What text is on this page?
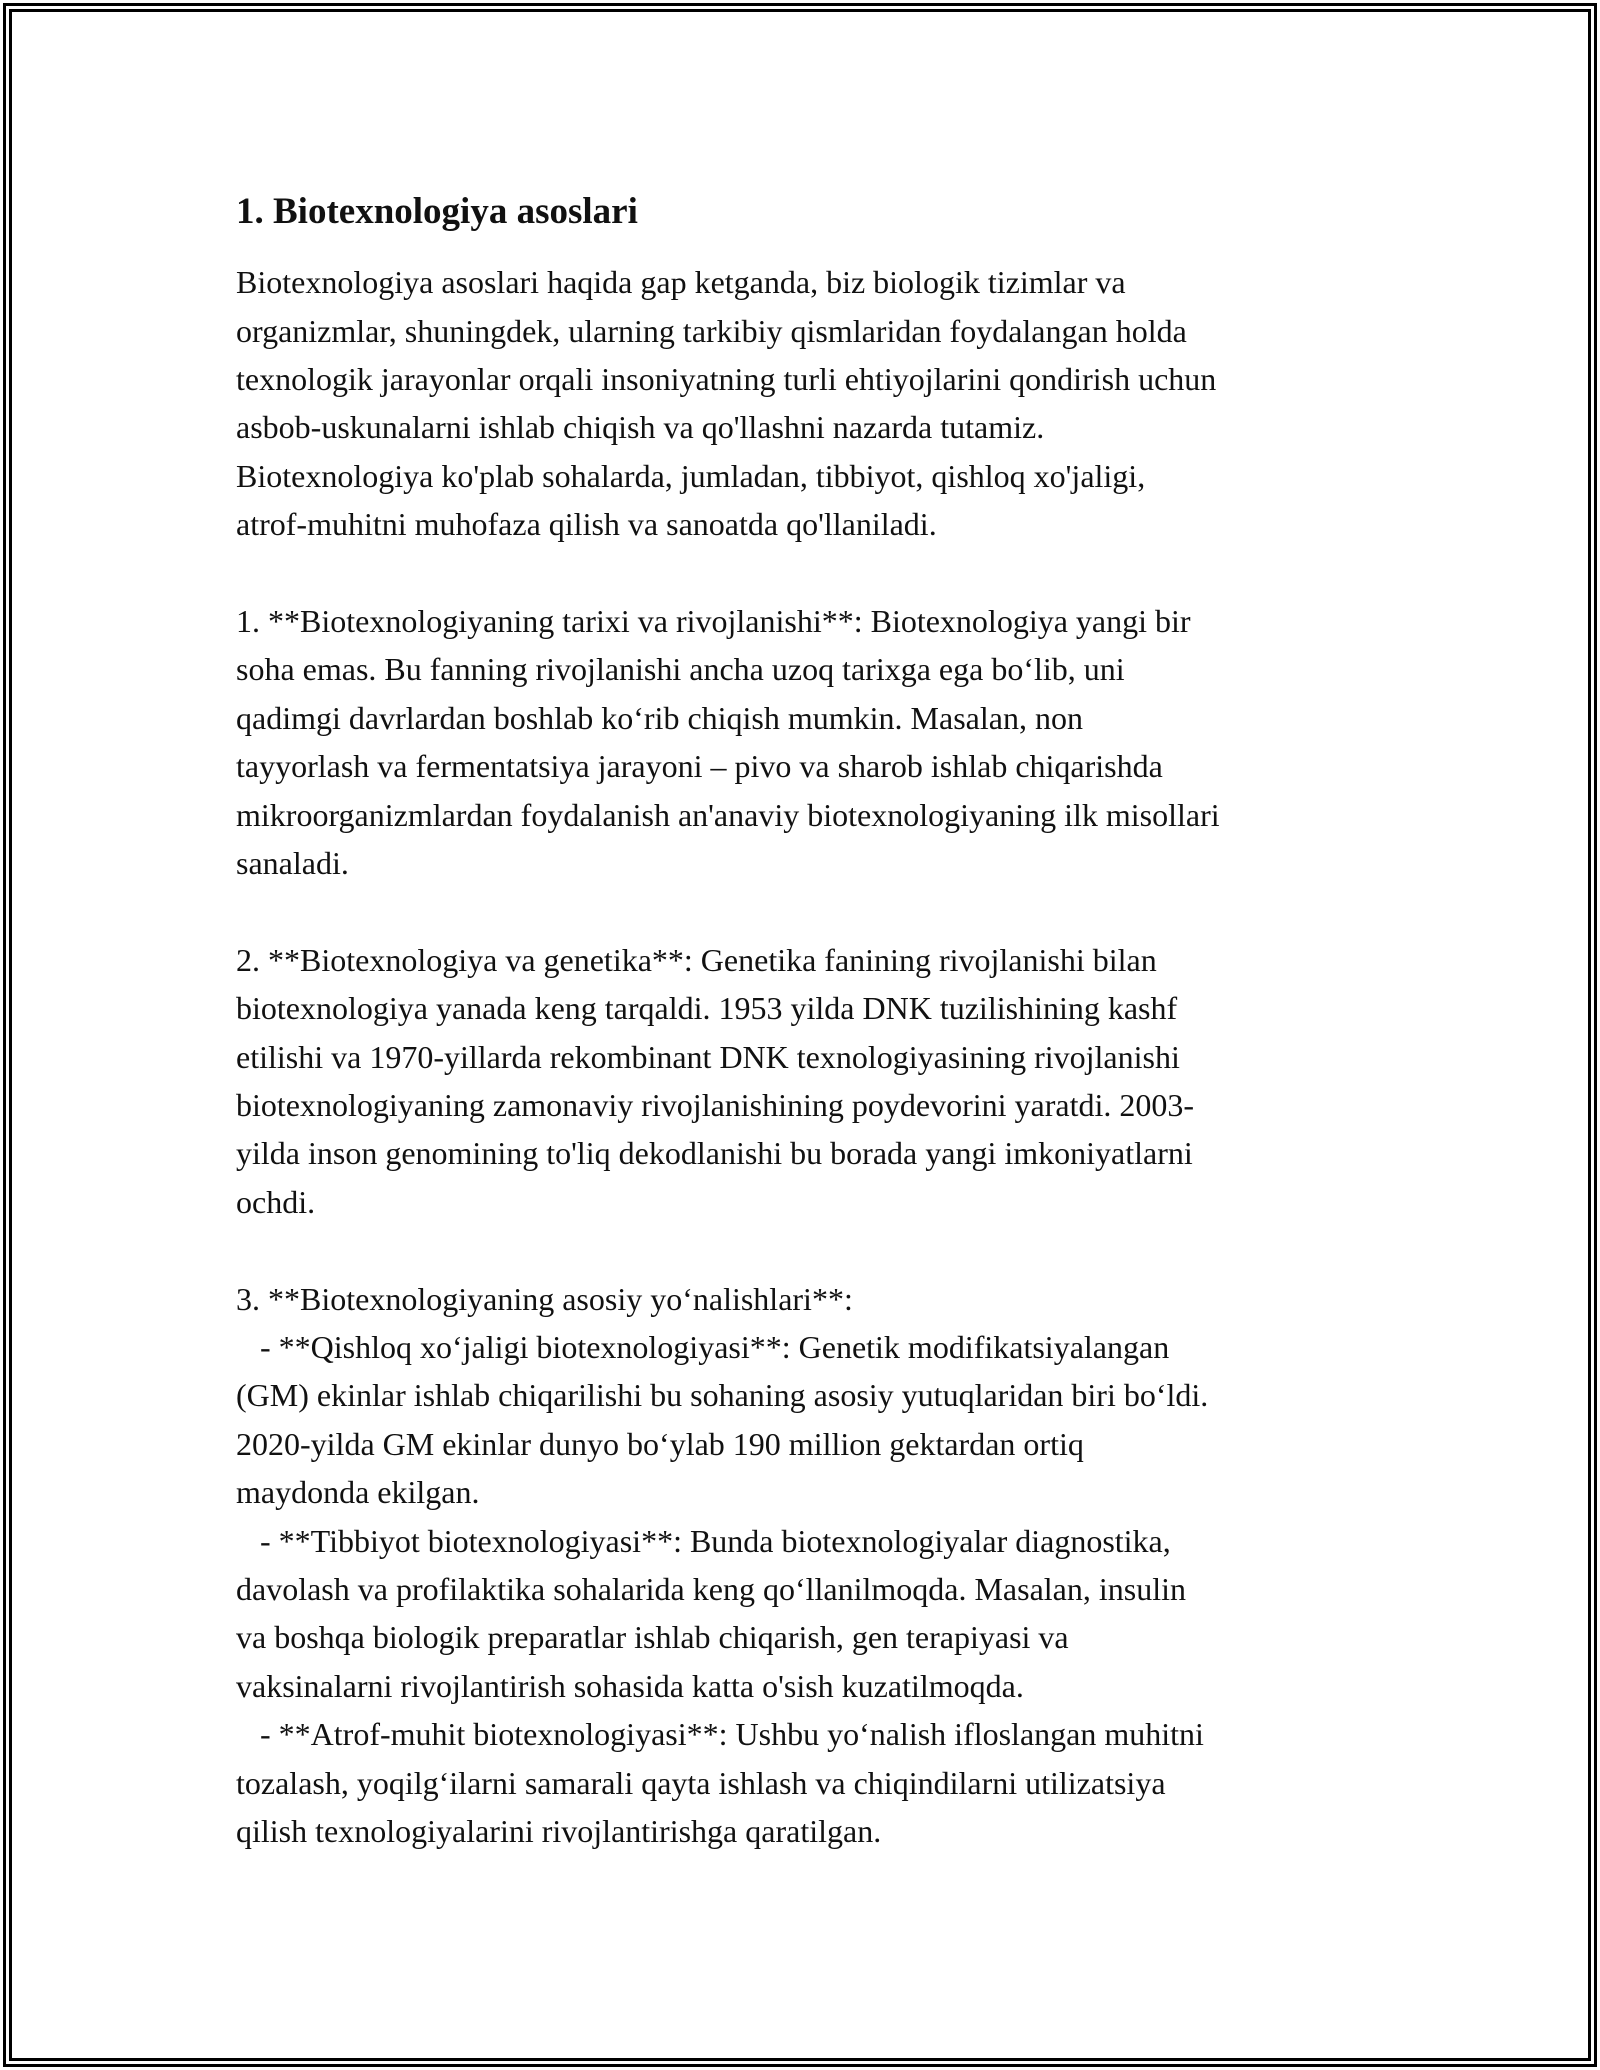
1. Biotexnologiya asoslari

Biotexnologiya asoslari haqida gap ketganda, biz biologik tizimlar va
organizmlar, shuningdek, ularning tarkibiy qismlaridan foydalangan holda
texnologik jarayonlar orqali insoniyatning turli ehtiyojlarini qondirish uchun
asbob-uskunalarni ishlab chiqish va qo'llashni nazarda tutamiz.
Biotexnologiya ko'plab sohalarda, jumladan, tibbiyot, qishloq xo'jaligi,
atrof-muhitni muhofaza qilish va sanoatda qo'llaniladi.

1. **Biotexnologiyaning tarixi va rivojlanishi**: Biotexnologiya yangi bir
soha emas. Bu fanning rivojlanishi ancha uzoq tarixga ega bo‘lib, uni
qadimgi davrlardan boshlab ko‘rib chiqish mumkin. Masalan, non
tayyorlash va fermentatsiya jarayoni – pivo va sharob ishlab chiqarishda
mikroorganizmlardan foydalanish an'anaviy biotexnologiyaning ilk misollari
sanaladi.

2. **Biotexnologiya va genetika**: Genetika fanining rivojlanishi bilan
biotexnologiya yanada keng tarqaldi. 1953 yilda DNK tuzilishining kashf
etilishi va 1970-yillarda rekombinant DNK texnologiyasining rivojlanishi
biotexnologiyaning zamonaviy rivojlanishining poydevorini yaratdi. 2003-
yilda inson genomining to'liq dekodlanishi bu borada yangi imkoniyatlarni
ochdi.

3. **Biotexnologiyaning asosiy yo‘nalishlari**:
- **Qishloq xo‘jaligi biotexnologiyasi**: Genetik modifikatsiyalangan
(GM) ekinlar ishlab chiqarilishi bu sohaning asosiy yutuqlaridan biri bo‘ldi.
2020-yilda GM ekinlar dunyo bo‘ylab 190 million gektardan ortiq
maydonda ekilgan.
- **Tibbiyot biotexnologiyasi**: Bunda biotexnologiyalar diagnostika,
davolash va profilaktika sohalarida keng qo‘llanilmoqda. Masalan, insulin
va boshqa biologik preparatlar ishlab chiqarish, gen terapiyasi va
vaksinalarni rivojlantirish sohasida katta o'sish kuzatilmoqda.
- **Atrof-muhit biotexnologiyasi**: Ushbu yo‘nalish ifloslangan muhitni
tozalash, yoqilg‘ilarni samarali qayta ishlash va chiqindilarni utilizatsiya
qilish texnologiyalarini rivojlantirishga qaratilgan.
